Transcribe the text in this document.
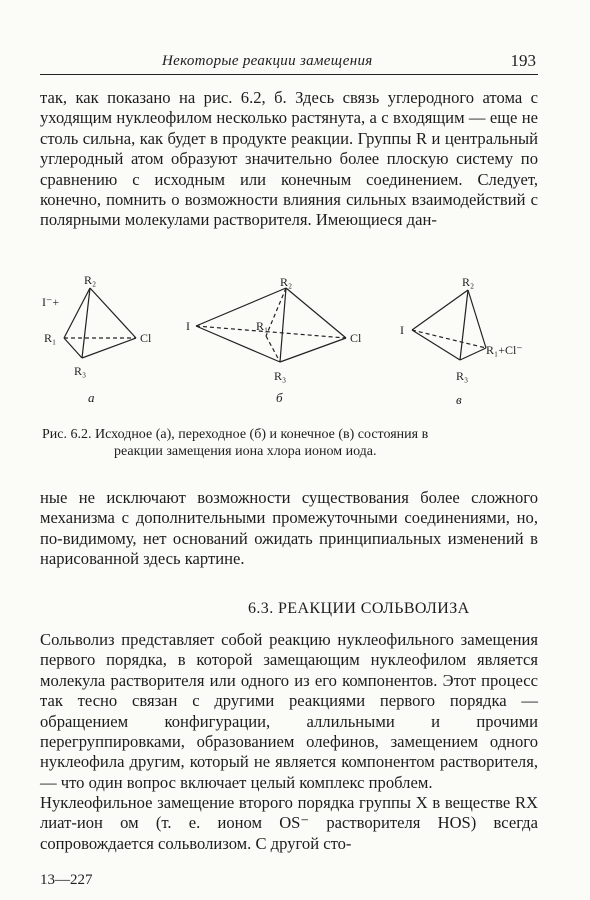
Некоторые реакции замещения	193

так, как показано на рис. 6.2, б. Здесь связь углеродного атома с уходящим нуклеофилом несколько растянута, а с входящим — еще не столь сильна, как будет в продукте реакции. Группы R и центральный углеродный атом образуют значительно более плоскую систему по сравнению с исходным или конечным соединением. Следует, конечно, помнить о возможности влияния сильных взаимодействий с полярными молекулами растворителя. Имеющиеся дан-

R₂
R₁
R₃
Cl
I⁻+
R₂
R₁
R₃
Cl
I
R₂
R₁+Cl⁻
R₃
I
а	б	в
Рис. 6.2. Исходное (а), переходное (б) и конечное (в) состояния в
реакции замещения иона хлора ионом иода.

ные не исключают возможности существования более сложного механизма с дополнительными промежуточными соединениями, но, по-видимому, нет оснований ожидать принципиальных изменений в нарисованной здесь картине.

6.3. РЕАКЦИИ СОЛЬВОЛИЗА

Сольволиз представляет собой реакцию нуклеофильного замещения первого порядка, в которой замещающим нуклеофилом является молекула растворителя или одного из его компонентов. Этот процесс так тесно связан с другими реакциями первого порядка — обращением конфигурации, аллильными и прочими перегруппировками, образованием олефинов, замещением одного нуклеофила другим, который не является компонентом растворителя, — что один вопрос включает целый комплекс проблем.

Нуклеофильное замещение второго порядка группы X в веществе RX лиат-ион ом (т. е. ионом OS⁻ растворителя HOS) всегда сопровождается сольволизом. С другой сто-

13—227
